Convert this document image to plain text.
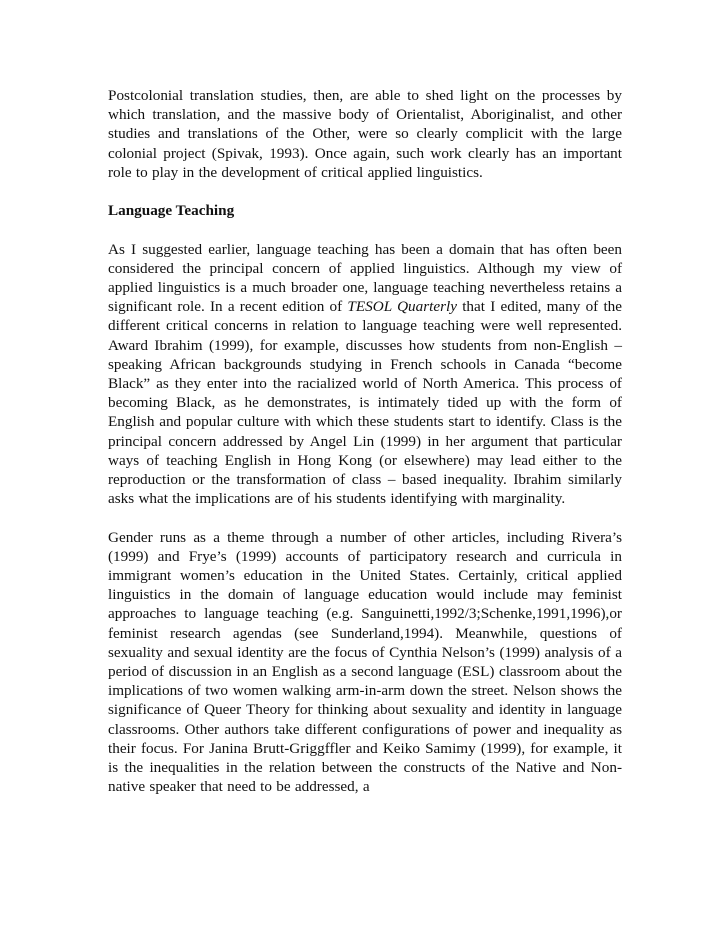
Postcolonial translation studies, then, are able to shed light on the processes by which translation, and the massive body of Orientalist, Aboriginalist, and other studies and translations of the Other, were so clearly complicit with the large colonial project (Spivak, 1993). Once again, such work clearly has an important role to play in the development of critical applied linguistics.

Language Teaching

As I suggested earlier, language teaching has been a domain that has often been considered the principal concern of applied linguistics. Although my view of applied linguistics is a much broader one, language teaching nevertheless retains a significant role. In a recent edition of TESOL Quarterly that I edited, many of the different critical concerns in relation to language teaching were well represented. Award Ibrahim (1999), for example, discusses how students from non-English –speaking African backgrounds studying in French schools in Canada “become Black” as they enter into the racialized world of North America. This process of becoming Black, as he demonstrates, is intimately tided up with the form of English and popular culture with which these students start to identify. Class is the principal concern addressed by Angel Lin (1999) in her argument that particular ways of teaching English in Hong Kong (or elsewhere) may lead either to the reproduction or the transformation of class – based inequality. Ibrahim similarly asks what the implications are of his students identifying with marginality.

Gender runs as a theme through a number of other articles, including Rivera’s (1999) and Frye’s (1999) accounts of participatory research and curricula in immigrant women’s education in the United States. Certainly, critical applied linguistics in the domain of language education would include may feminist approaches to language teaching (e.g. Sanguinetti,1992/3;Schenke,1991,1996),or feminist research agendas (see Sunderland,1994). Meanwhile, questions of sexuality and sexual identity are the focus of Cynthia Nelson’s (1999) analysis of a period of discussion in an English as a second language (ESL) classroom about the implications of two women walking arm-in-arm down the street. Nelson shows the significance of Queer Theory for thinking about sexuality and identity in language classrooms. Other authors take different configurations of power and inequality as their focus. For Janina Brutt-Griggffler and Keiko Samimy (1999), for example, it is the inequalities in the relation between the constructs of the Native and Non-native speaker that need to be addressed, a
